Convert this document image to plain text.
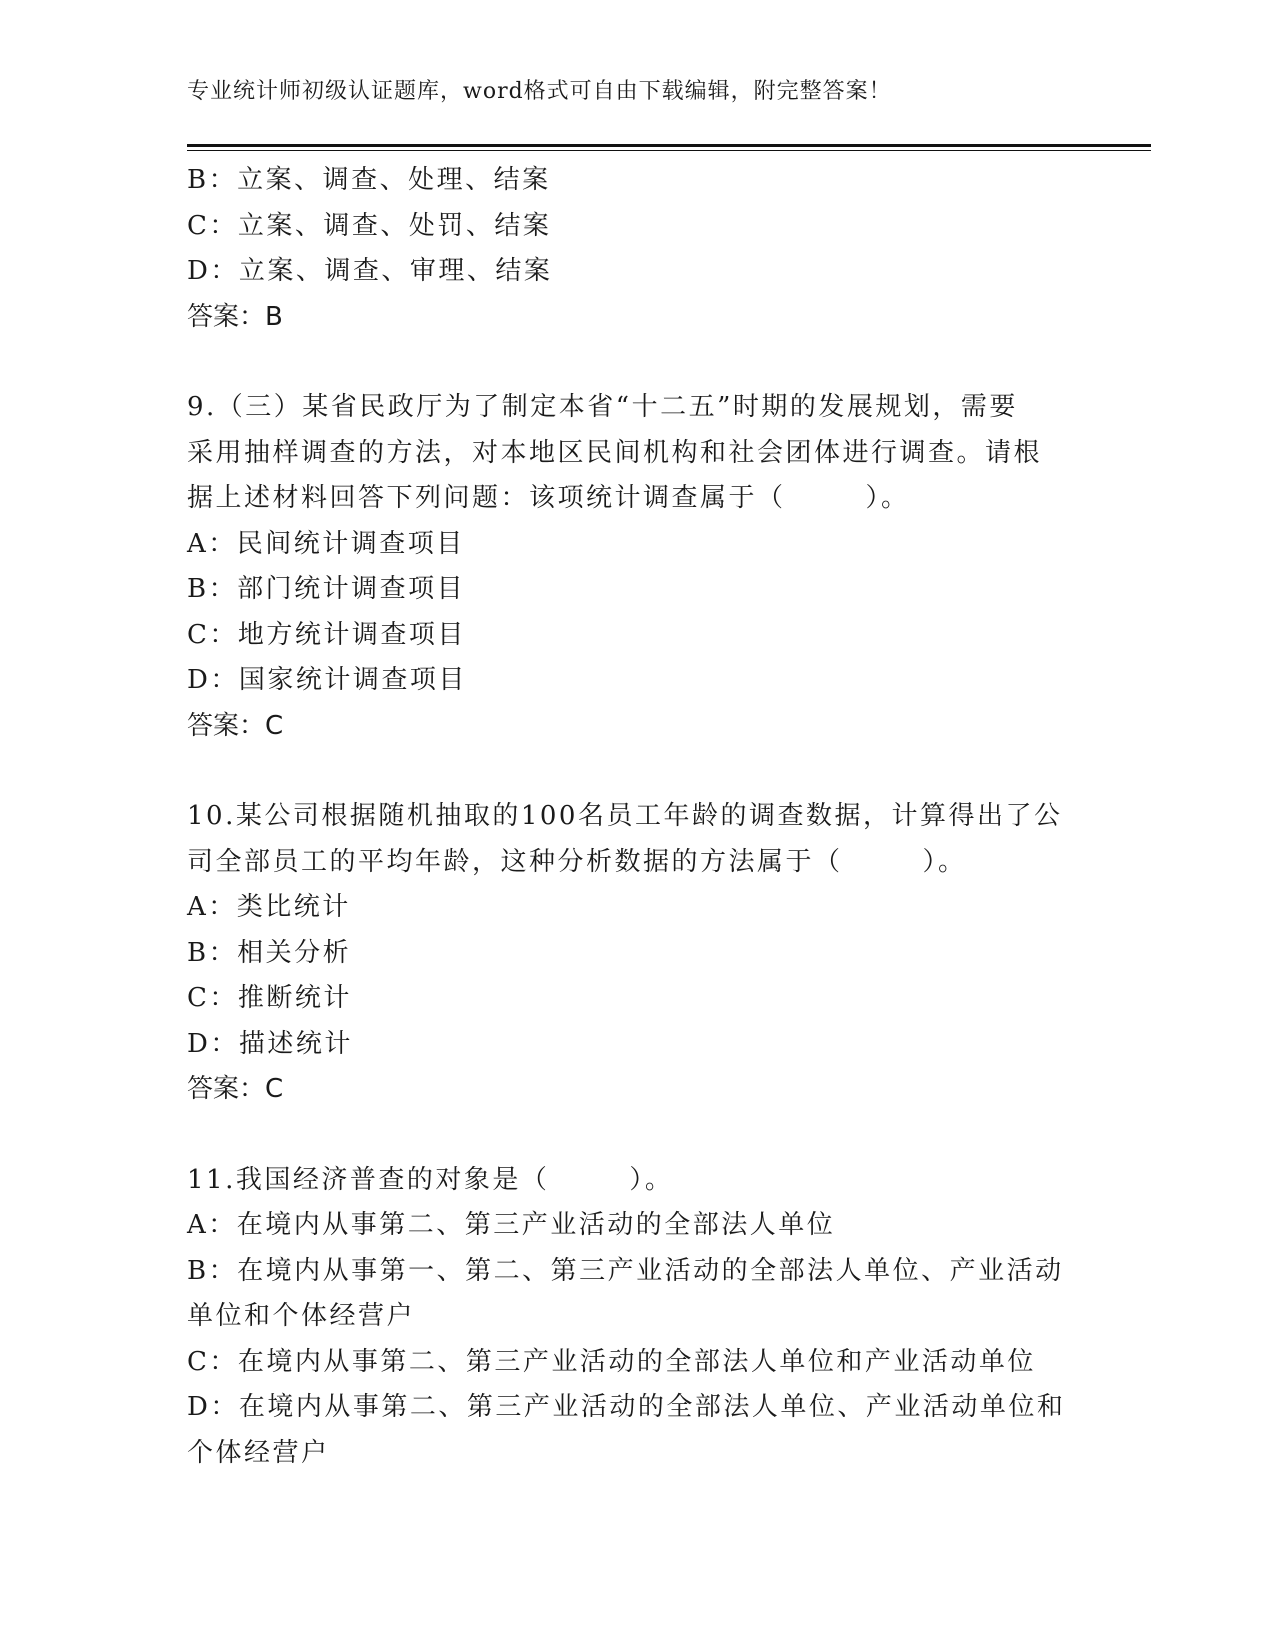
专业统计师初级认证题库，word格式可自由下载编辑，附完整答案！
B：立案、调查、处理、结案
C：立案、调查、处罚、结案
D：立案、调查、审理、结案
答案：B
9.（三）某省民政厅为了制定本省“十二五”时期的发展规划，需要
采用抽样调查的方法，对本地区民间机构和社会团体进行调查。请根
据上述材料回答下列问题：该项统计调查属于（	）。
A：民间统计调查项目
B：部门统计调查项目
C：地方统计调查项目
D：国家统计调查项目
答案：C
10.某公司根据随机抽取的100名员工年龄的调查数据，计算得出了公
司全部员工的平均年龄，这种分析数据的方法属于（	）。
A：类比统计
B：相关分析
C：推断统计
D：描述统计
答案：C
11.我国经济普查的对象是（	）。
A：在境内从事第二、第三产业活动的全部法人单位
B：在境内从事第一、第二、第三产业活动的全部法人单位、产业活动
单位和个体经营户
C：在境内从事第二、第三产业活动的全部法人单位和产业活动单位
D：在境内从事第二、第三产业活动的全部法人单位、产业活动单位和
个体经营户
